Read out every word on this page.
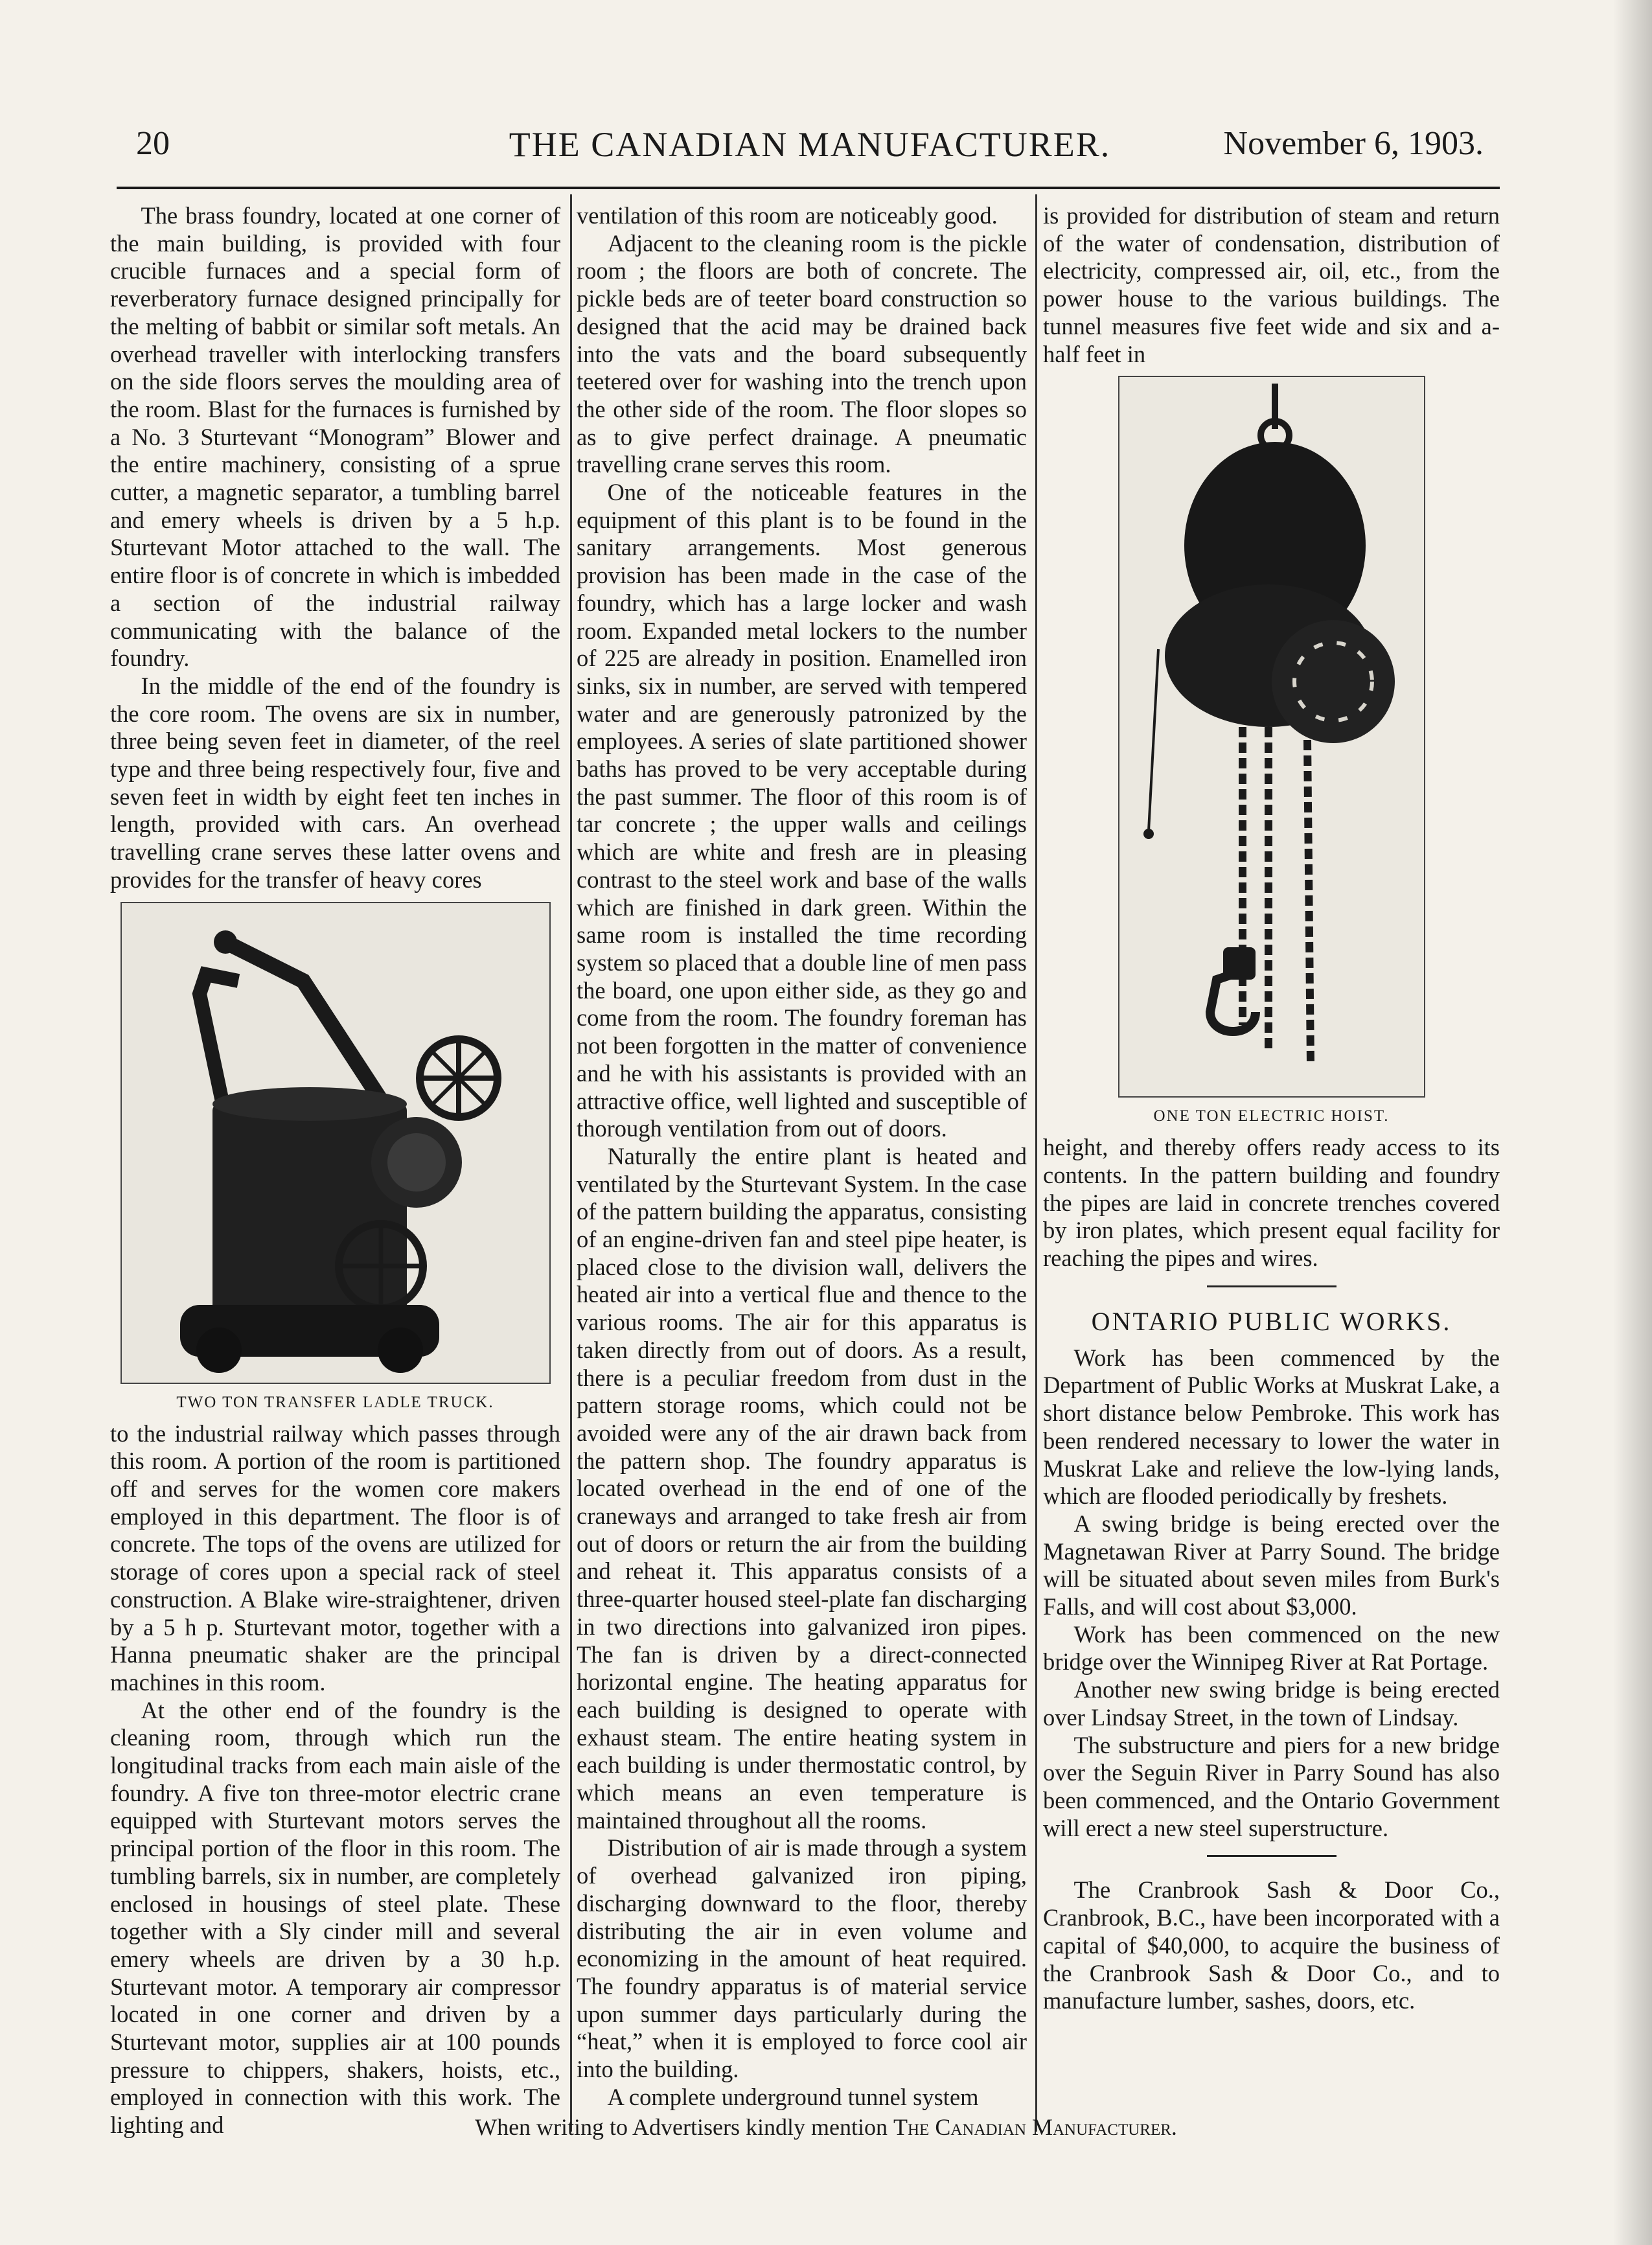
20	THE CANADIAN MANUFACTURER.	November 6, 1903.

The brass foundry, located at one corner of the main building, is provided with four crucible furnaces and a special form of reverberatory furnace designed principally for the melting of babbit or similar soft metals. An overhead traveller with interlocking transfers on the side floors serves the moulding area of the room. Blast for the furnaces is furnished by a No. 3 Sturtevant “Monogram” Blower and the entire machinery, consisting of a sprue cutter, a magnetic separator, a tumbling barrel and emery wheels is driven by a 5 h.p. Sturtevant Motor attached to the wall. The entire floor is of concrete in which is imbedded a section of the industrial railway communicating with the balance of the foundry.

In the middle of the end of the foundry is the core room. The ovens are six in number, three being seven feet in diameter, of the reel type and three being respectively four, five and seven feet in width by eight feet ten inches in length, provided with cars. An overhead travelling crane serves these latter ovens and provides for the transfer of heavy cores

TWO TON TRANSFER LADLE TRUCK.

to the industrial railway which passes through this room. A portion of the room is partitioned off and serves for the women core makers employed in this department. The floor is of concrete. The tops of the ovens are utilized for storage of cores upon a special rack of steel construction. A Blake wire-straightener, driven by a 5 h p. Sturtevant motor, together with a Hanna pneumatic shaker are the principal machines in this room.

At the other end of the foundry is the cleaning room, through which run the longitudinal tracks from each main aisle of the foundry. A five ton three-motor electric crane equipped with Sturtevant motors serves the principal portion of the floor in this room. The tumbling barrels, six in number, are completely enclosed in housings of steel plate. These together with a Sly cinder mill and several emery wheels are driven by a 30 h.p. Sturtevant motor. A temporary air compressor located in one corner and driven by a Sturtevant motor, supplies air at 100 pounds pressure to chippers, shakers, hoists, etc., employed in connection with this work. The lighting and

ventilation of this room are noticeably good.

Adjacent to the cleaning room is the pickle room ; the floors are both of concrete. The pickle beds are of teeter board construction so designed that the acid may be drained back into the vats and the board subsequently teetered over for washing into the trench upon the other side of the room. The floor slopes so as to give perfect drainage. A pneumatic travelling crane serves this room.

One of the noticeable features in the equipment of this plant is to be found in the sanitary arrangements. Most generous provision has been made in the case of the foundry, which has a large locker and wash room. Expanded metal lockers to the number of 225 are already in position. Enamelled iron sinks, six in number, are served with tempered water and are generously patronized by the employees. A series of slate partitioned shower baths has proved to be very acceptable during the past summer. The floor of this room is of tar concrete ; the upper walls and ceilings which are white and fresh are in pleasing contrast to the steel work and base of the walls which are finished in dark green. Within the same room is installed the time recording system so placed that a double line of men pass the board, one upon either side, as they go and come from the room. The foundry foreman has not been forgotten in the matter of convenience and he with his assistants is provided with an attractive office, well lighted and susceptible of thorough ventilation from out of doors.

Naturally the entire plant is heated and ventilated by the Sturtevant System. In the case of the pattern building the apparatus, consisting of an engine-driven fan and steel pipe heater, is placed close to the division wall, delivers the heated air into a vertical flue and thence to the various rooms. The air for this apparatus is taken directly from out of doors. As a result, there is a peculiar freedom from dust in the pattern storage rooms, which could not be avoided were any of the air drawn back from the pattern shop. The foundry apparatus is located overhead in the end of one of the craneways and arranged to take fresh air from out of doors or return the air from the building and reheat it. This apparatus consists of a three-quarter housed steel-plate fan discharging in two directions into galvanized iron pipes. The fan is driven by a direct-connected horizontal engine. The heating apparatus for each building is designed to operate with exhaust steam. The entire heating system in each building is under thermostatic control, by which means an even temperature is maintained throughout all the rooms.

Distribution of air is made through a system of overhead galvanized iron piping, discharging downward to the floor, thereby distributing the air in even volume and economizing in the amount of heat required. The foundry apparatus is of material service upon summer days particularly during the “heat,” when it is employed to force cool air into the building.

A complete underground tunnel system

is provided for distribution of steam and return of the water of condensation, distribution of electricity, compressed air, oil, etc., from the power house to the various buildings. The tunnel measures five feet wide and six and a-half feet in

ONE TON ELECTRIC HOIST.

height, and thereby offers ready access to its contents. In the pattern building and foundry the pipes are laid in concrete trenches covered by iron plates, which present equal facility for reaching the pipes and wires.

ONTARIO PUBLIC WORKS.

Work has been commenced by the Department of Public Works at Muskrat Lake, a short distance below Pembroke. This work has been rendered necessary to lower the water in Muskrat Lake and relieve the low-lying lands, which are flooded periodically by freshets.

A swing bridge is being erected over the Magnetawan River at Parry Sound. The bridge will be situated about seven miles from Burk's Falls, and will cost about $3,000.

Work has been commenced on the new bridge over the Winnipeg River at Rat Portage.

Another new swing bridge is being erected over Lindsay Street, in the town of Lindsay.

The substructure and piers for a new bridge over the Seguin River in Parry Sound has also been commenced, and the Ontario Government will erect a new steel superstructure.

The Cranbrook Sash & Door Co., Cranbrook, B.C., have been incorporated with a capital of $40,000, to acquire the business of the Cranbrook Sash & Door Co., and to manufacture lumber, sashes, doors, etc.

When writing to Advertisers kindly mention The Canadian Manufacturer.
